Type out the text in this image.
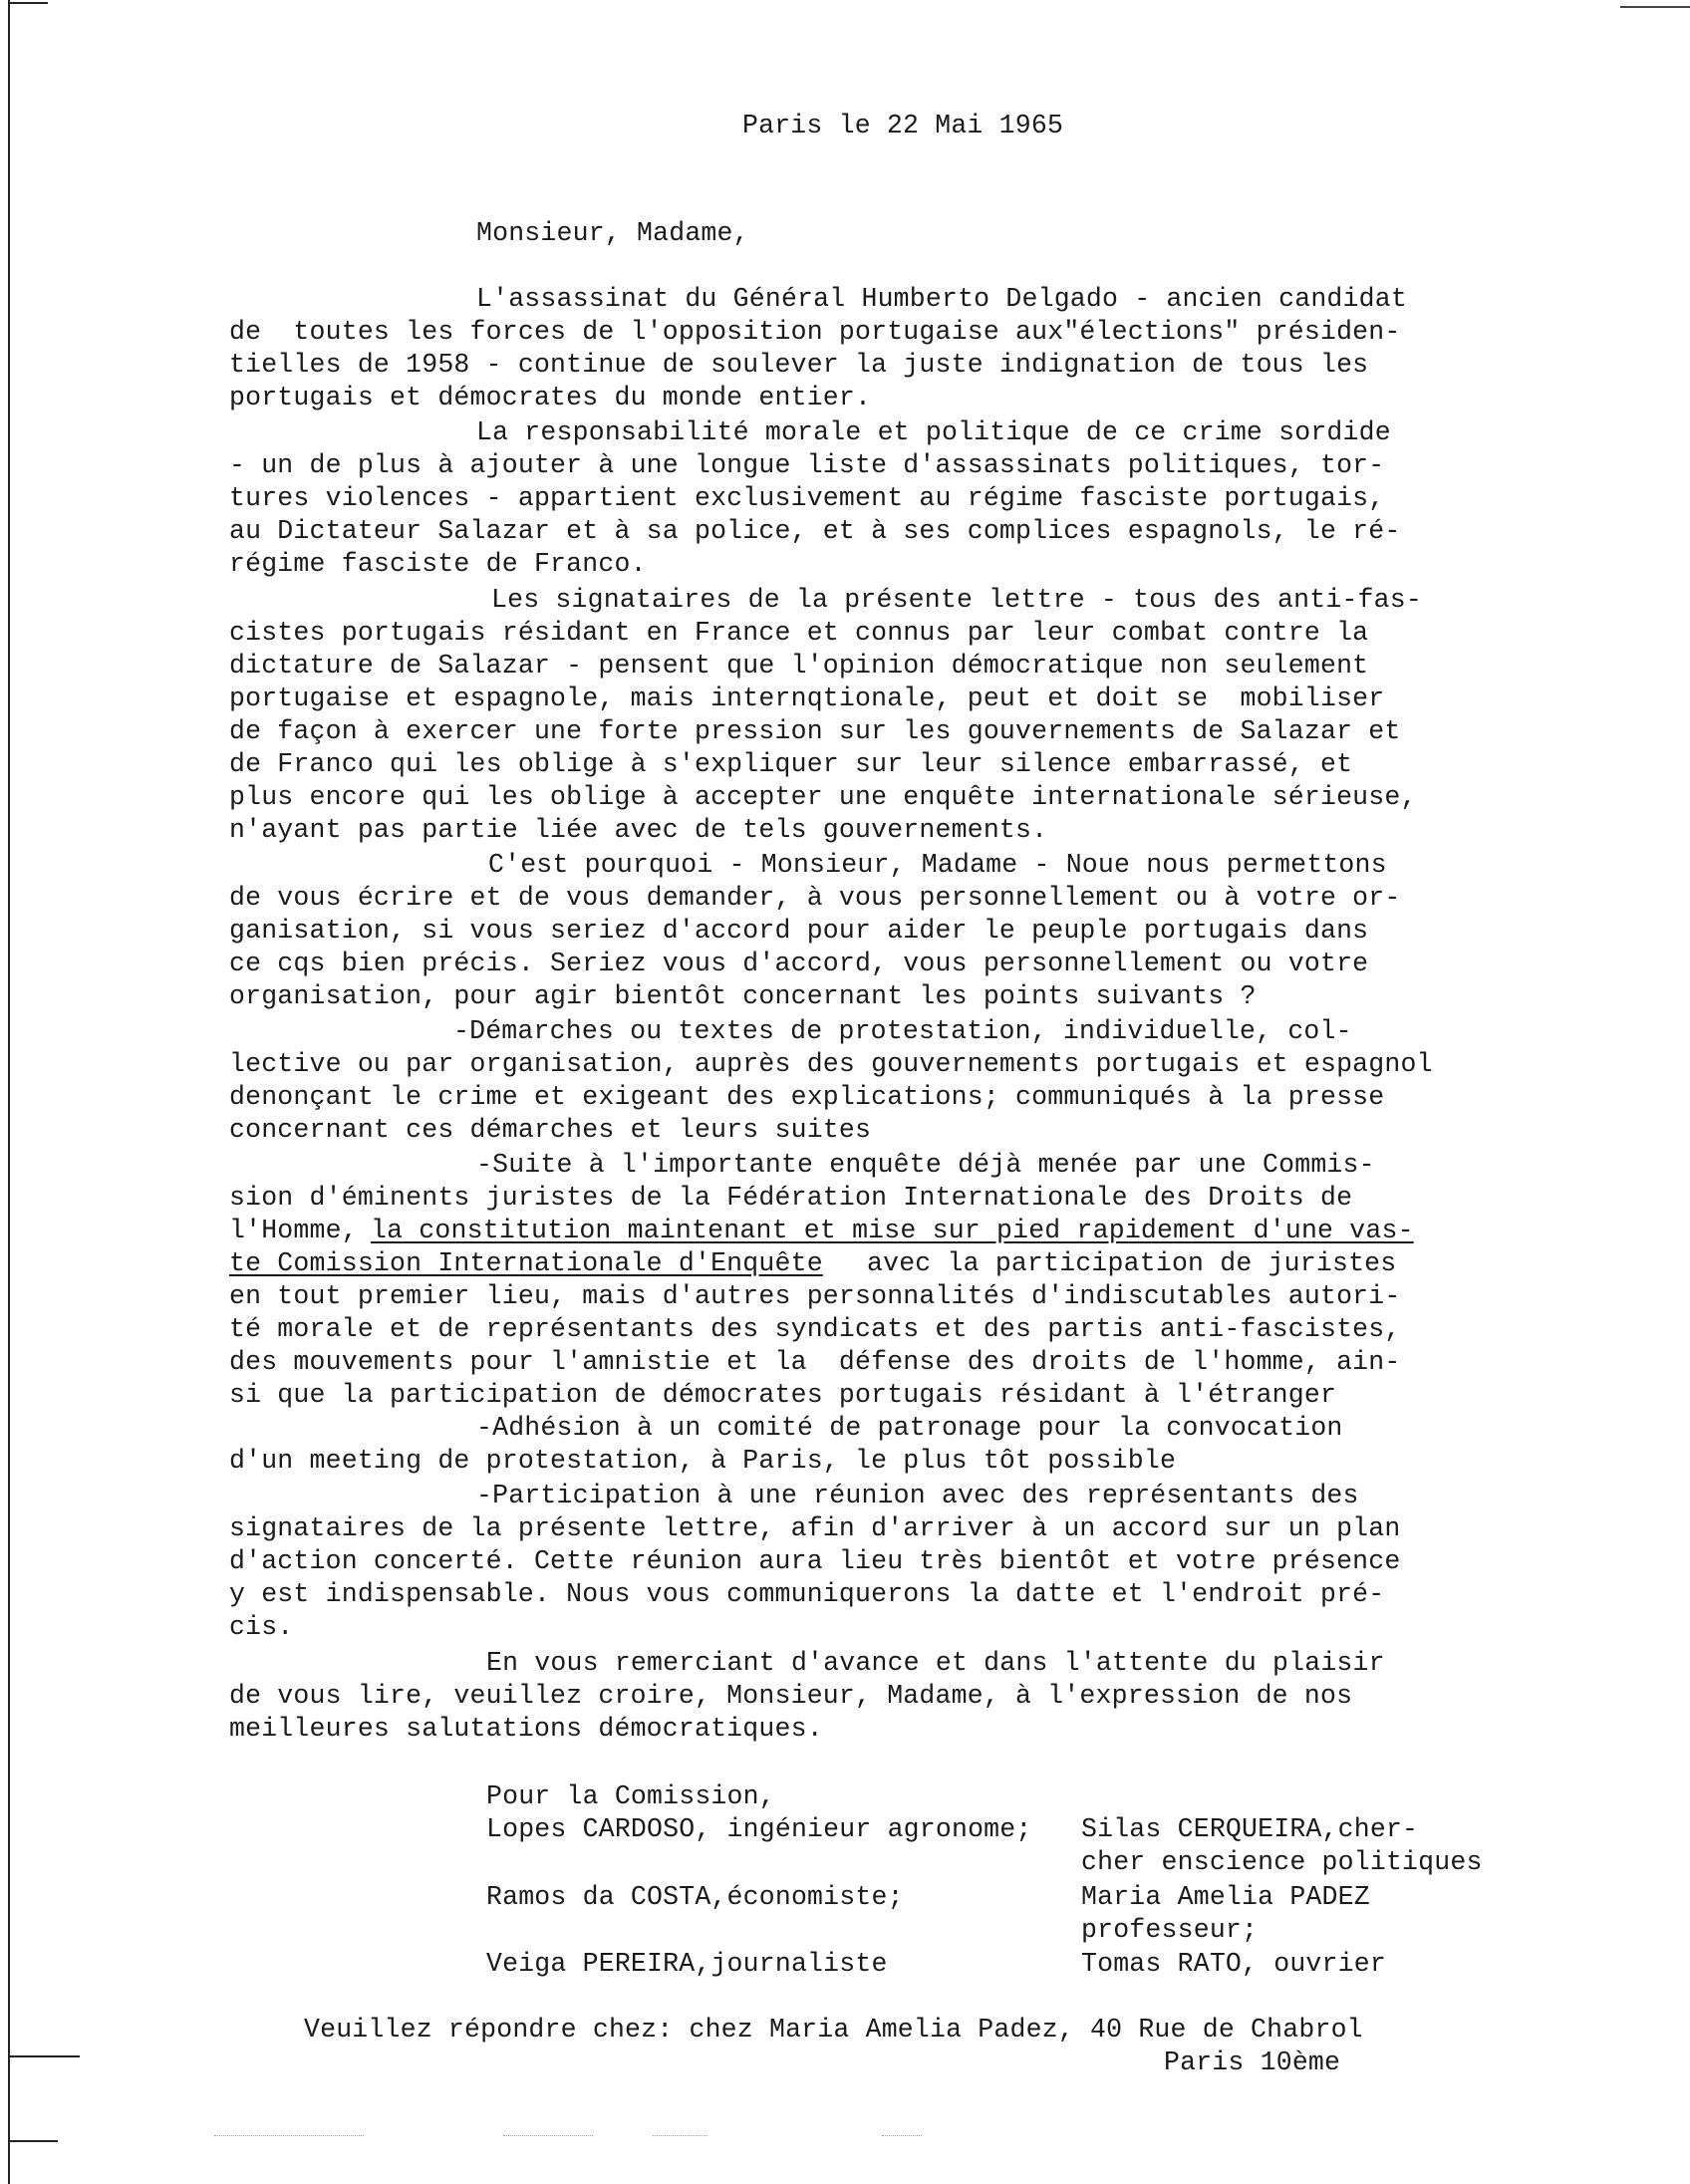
Paris le 22 Mai 1965
Monsieur, Madame,
L'assassinat du Général Humberto Delgado - ancien candidat
de  toutes les forces de l'opposition portugaise aux"élections" présiden-
tielles de 1958 - continue de soulever la juste indignation de tous les
portugais et démocrates du monde entier.
La responsabilité morale et politique de ce crime sordide
- un de plus à ajouter à une longue liste d'assassinats politiques, tor-
tures violences - appartient exclusivement au régime fasciste portugais,
au Dictateur Salazar et à sa police, et à ses complices espagnols, le ré-
régime fasciste de Franco.
Les signataires de la présente lettre - tous des anti-fas-
cistes portugais résidant en France et connus par leur combat contre la
dictature de Salazar - pensent que l'opinion démocratique non seulement
portugaise et espagnole, mais internqtionale, peut et doit se  mobiliser
de façon à exercer une forte pression sur les gouvernements de Salazar et
de Franco qui les oblige à s'expliquer sur leur silence embarrassé, et
plus encore qui les oblige à accepter une enquête internationale sérieuse,
n'ayant pas partie liée avec de tels gouvernements.
C'est pourquoi - Monsieur, Madame - Noue nous permettons
de vous écrire et de vous demander, à vous personnellement ou à votre or-
ganisation, si vous seriez d'accord pour aider le peuple portugais dans
ce cqs bien précis. Seriez vous d'accord, vous personnellement ou votre
organisation, pour agir bientôt concernant les points suivants ?
-Démarches ou textes de protestation, individuelle, col-
lective ou par organisation, auprès des gouvernements portugais et espagnol
denonçant le crime et exigeant des explications; communiqués à la presse
concernant ces démarches et leurs suites
-Suite à l'importante enquête déjà menée par une Commis-
sion d'éminents juristes de la Fédération Internationale des Droits de
l'Homme, la constitution maintenant et mise sur pied rapidement d'une vas-
te Comission Internationale d'Enquête avec la participation de juristes
en tout premier lieu, mais d'autres personnalités d'indiscutables autori-
té morale et de représentants des syndicats et des partis anti-fascistes,
des mouvements pour l'amnistie et la  défense des droits de l'homme, ain-
si que la participation de démocrates portugais résidant à l'étranger
-Adhésion à un comité de patronage pour la convocation
d'un meeting de protestation, à Paris, le plus tôt possible
-Participation à une réunion avec des représentants des
signataires de la présente lettre, afin d'arriver à un accord sur un plan
d'action concerté. Cette réunion aura lieu très bientôt et votre présence
y est indispensable. Nous vous communiquerons la datte et l'endroit pré-
cis.
En vous remerciant d'avance et dans l'attente du plaisir
de vous lire, veuillez croire, Monsieur, Madame, à l'expression de nos
meilleures salutations démocratiques.
Pour la Comission,
Lopes CARDOSO, ingénieur agronome; Silas CERQUEIRA,cher-
cher enscience politiques
Ramos da COSTA,économiste;	Maria Amelia PADEZ
professeur;
Veiga PEREIRA,journaliste	Tomas RATO, ouvrier
Veuillez répondre chez: chez Maria Amelia Padez, 40 Rue de Chabrol
Paris 10ème
